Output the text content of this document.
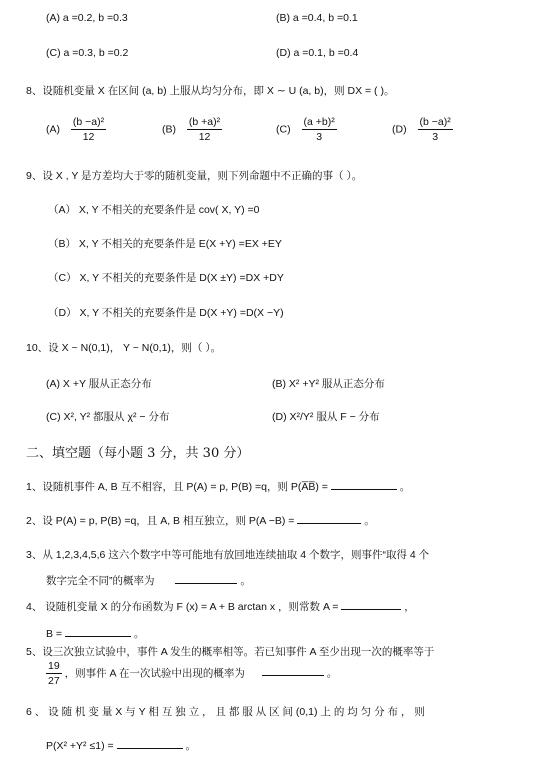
(A) a =0.2, b =0.3	(B) a =0.4, b =0.1
(C) a =0.3, b =0.2	(D) a =0.1, b =0.4
8、设随机变量 X 在区间 (a, b) 上服从均匀分布，即 X ∼ U (a, b)，则 DX = ( )。
$(A) \frac{\text{(b −a)²}}{12}$	$(B) \frac{\text{(b +a)²}}{12}$	$(C) \frac{\text{(a +b)²}}{3}$	$(D) \frac{\text{(b −a)²}}{3}$
9、设 X , Y 是方差均大于零的随机变量，则下列命题中不正确的事（ ）。
（A） X, Y 不相关的充要条件是 cov( X, Y) =0
（B） X, Y 不相关的充要条件是 E(X +Y) =EX +EY
（C） X, Y 不相关的充要条件是 D(X ±Y) =DX +DY
（D） X, Y 不相关的充要条件是 D(X +Y) =D(X −Y)
10、设 X ~ N(0,1)， Y ~ N(0,1)，则（ ）。
(A) X +Y 服从正态分布	(B) X² +Y² 服从正态分布
(C) X², Y² 都服从 χ² − 分布	(D) X²/Y² 服从 F − 分布
二、填空题（每小题 3 分，共 30 分）
1、设随机事件 A, B 互不相容，且 P(A) = p, P(B) =q，则 P(A̅B̅) =	。
2、设 P(A) = p, P(B) =q，且 A, B 相互独立，则 P(A −B) =	。
3、从 1,2,3,4,5,6 这六个数字中等可能地有放回地连续抽取 4 个数字，则事件“取得 4 个
数字完全不同”的概率为	。
4、 设随机变量 X 的分布函数为 F (x) = A + B arctan x ，则常数 A =	，
B =	。
5、设三次独立试验中，事件 A 发生的概率相等。若已知事件 A 至少出现一次的概率等于
$\frac{19}{27}$ ，则事件 A 在一次试验中出现的概率为	。
6 、 设 随 机 变 量 X 与 Y 相 互 独 立 ， 且 都 服 从 区 间 (0,1) 上 的 均 匀 分 布 ， 则
P(X² +Y² ≤1) =	。
